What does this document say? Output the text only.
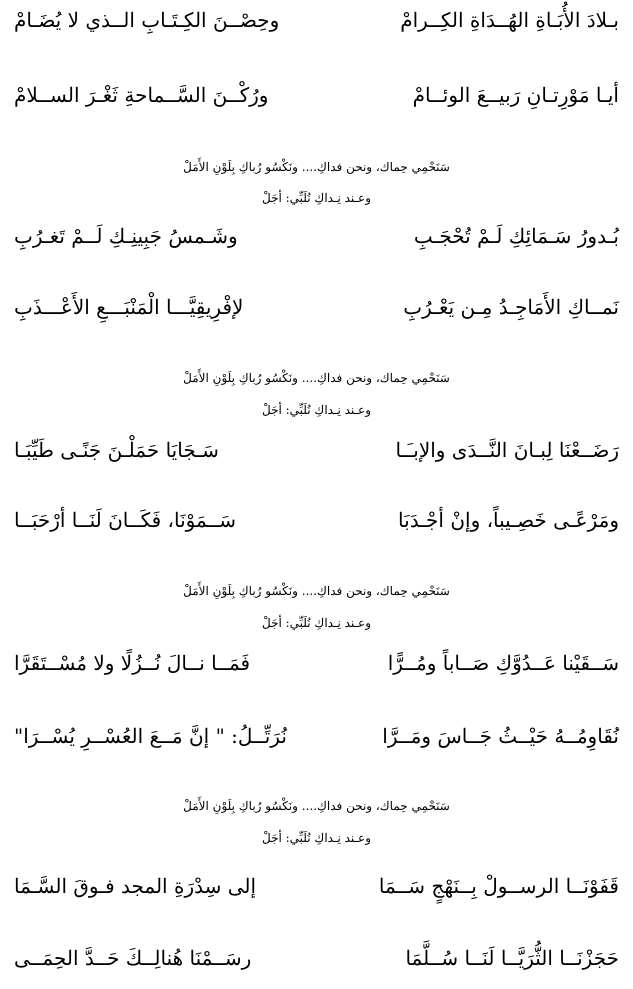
بـلادَ الأُبَـاةِ الهُــدَاةِ الكِــرامْ
وحِصْــنَ الكِـتَـابِ الــذي لا يُضَـامْ
أيـا مَوْرِتـانِ رَبيــعَ الوئــامْ
ورُكْــنَ السَّــماحةِ ثَغْـرَ الســلامْ
سَنَحْمِي حِماك، ونحن فداكِ.... ونَكْسُو رُباكِ بِلَوْنِ الأَمَلْ
وعـند نِـداكِ نُلَبِّي: أجَلْ
بُـدورُ سَـمَائِكِ لَـمْ تُحْجَـبِ
وشَـمسُ جَبِينِـكِ لَــمْ تَغـرُبِ
نَمــاكِ الأَمَاجِـدُ مِـن يَعْـرُبِ
لإفْرِيقِيَّـــا الْمَنْبَـــعِ الأَعْـــذَبِ
سَنَحْمِي حِماك، ونحن فداكِ.... ونَكْسُو رُباكِ بِلَوْنِ الأَمَلْ
وعـند نِـداكِ نُلَبِّي: أجَلْ
رَضَــعْنَا لِبـانَ النَّــدَى والإبـَـا
سَـجَايَا حَمَلْـنَ جَنًـى طَيِّبَـا
ومَرْعًـى خَصِـيباً، وإنْ أجْـدَبَا
سَــمَوْنَا، فَكَــانَ لَنَــا أرْحَبَــا
سَنَحْمِي حِماك، ونحن فداكِ.... ونَكْسُو رُباكِ بِلَوْنِ الأَمَلْ
وعـند نِـداكِ نُلَبِّي: أجَلْ
سَــقَيْنا عَــدُوَّكِ صَــاباً ومُــرًّا
فَمَــا نــالَ نُــزُلًا ولا مُسْــتَقَرَّا
نُقَاوِمُــهُ حَيْــثُ جَــاسَ ومَــرَّا
نُرَتِّــلُ: " إنَّ مَــعَ العُسْــرِ يُسْــرَا"
سَنَحْمِي حِماك، ونحن فداكِ.... ونَكْسُو رُباكِ بِلَوْنِ الأَمَلْ
وعـند نِـداكِ نُلَبِّي: أجَلْ
قَفَوْنَــا الرســولْ بِــنَهْجٍ سَــمَا
إلى سِدْرَةِ المجد فـوقَ السَّـمَا
حَجَزْنَــا الثُّرَيَّــا لَنَــا سُــلَّمَا
رسَــمْنَا هُنالِــكَ حَــدَّ الحِمَــى
